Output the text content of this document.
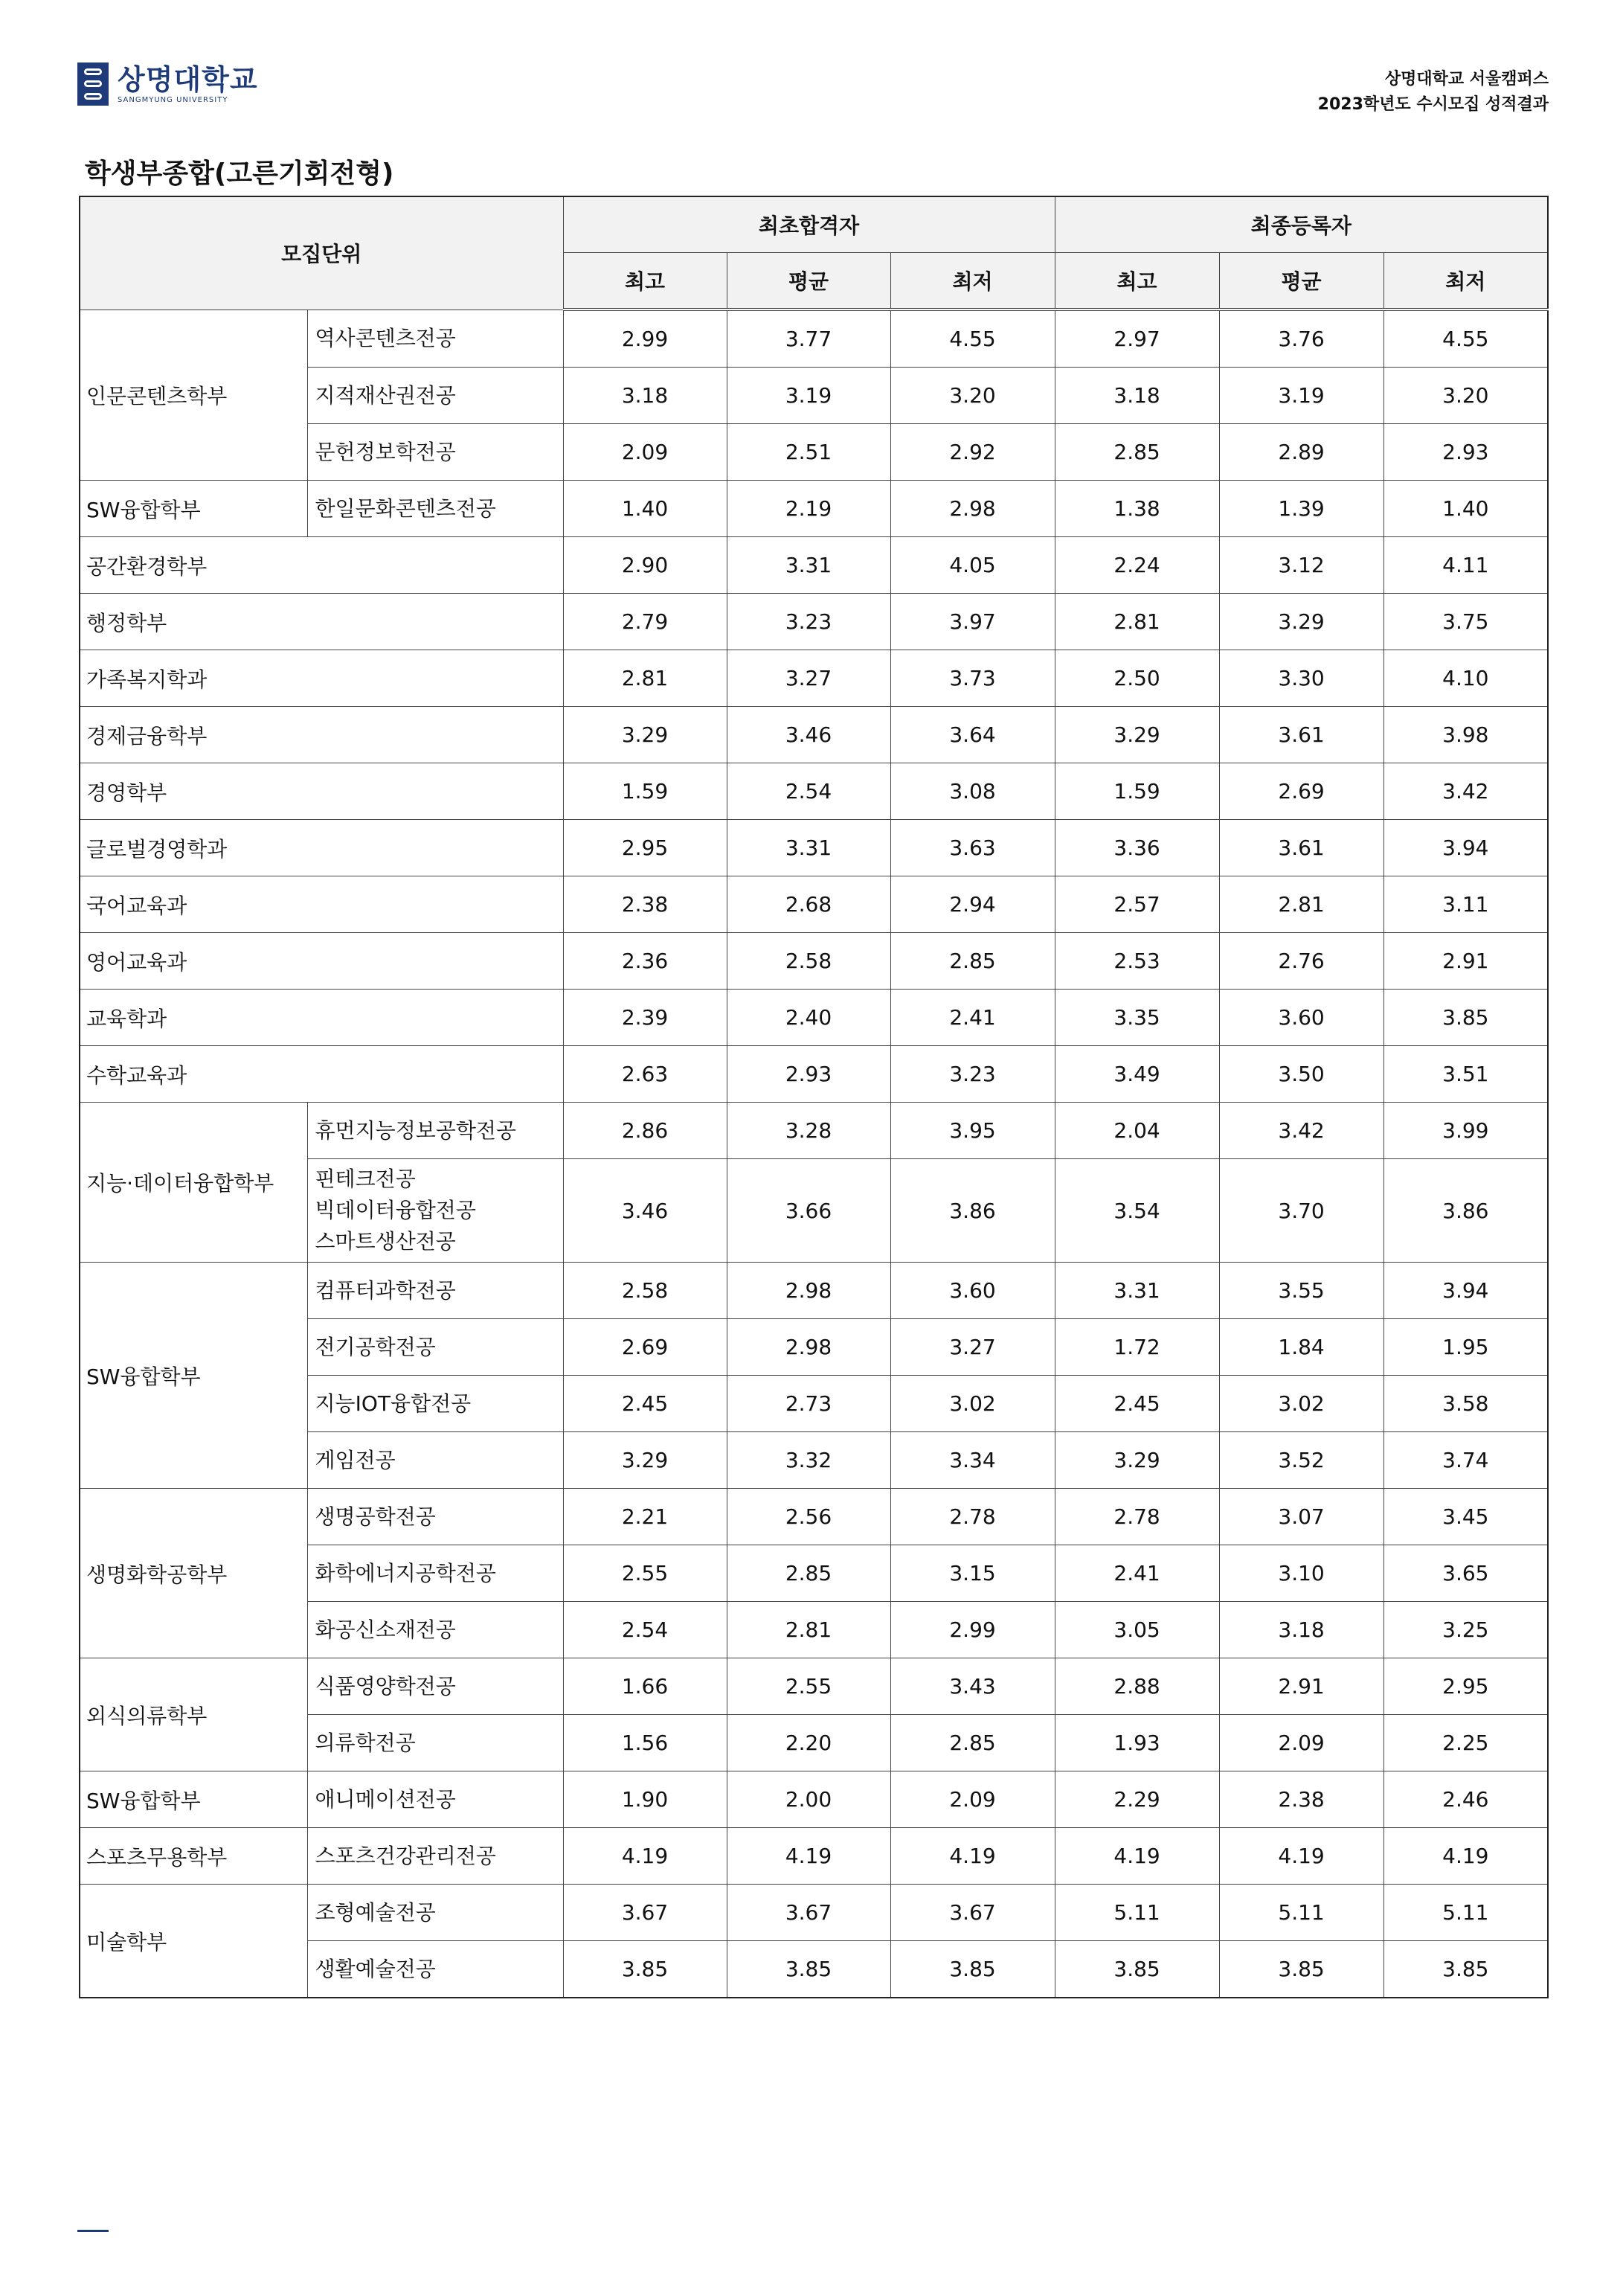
상명대학교
SANGMYUNG UNIVERSITY
상명대학교 서울캠퍼스
2023학년도 수시모집 성적결과
학생부종합(고른기회전형)
모집단위		최초합격자			최종등록자		
		최고	평균	최저	최고	평균	최저
인문콘텐츠학부	역사콘텐츠전공	2.99	3.77	4.55	2.97	3.76	4.55
	지적재산권전공	3.18	3.19	3.20	3.18	3.19	3.20
	문헌정보학전공	2.09	2.51	2.92	2.85	2.89	2.93
SW융합학부	한일문화콘텐츠전공	1.40	2.19	2.98	1.38	1.39	1.40
공간환경학부		2.90	3.31	4.05	2.24	3.12	4.11
행정학부		2.79	3.23	3.97	2.81	3.29	3.75
가족복지학과		2.81	3.27	3.73	2.50	3.30	4.10
경제금융학부		3.29	3.46	3.64	3.29	3.61	3.98
경영학부		1.59	2.54	3.08	1.59	2.69	3.42
글로벌경영학과		2.95	3.31	3.63	3.36	3.61	3.94
국어교육과		2.38	2.68	2.94	2.57	2.81	3.11
영어교육과		2.36	2.58	2.85	2.53	2.76	2.91
교육학과		2.39	2.40	2.41	3.35	3.60	3.85
수학교육과		2.63	2.93	3.23	3.49	3.50	3.51
지능·데이터융합학부	휴먼지능정보공학전공	2.86	3.28	3.95	2.04	3.42	3.99
	핀테크전공
빅데이터융합전공
스마트생산전공	3.46	3.66	3.86	3.54	3.70	3.86
SW융합학부	컴퓨터과학전공	2.58	2.98	3.60	3.31	3.55	3.94
	전기공학전공	2.69	2.98	3.27	1.72	1.84	1.95
	지능IOT융합전공	2.45	2.73	3.02	2.45	3.02	3.58
	게임전공	3.29	3.32	3.34	3.29	3.52	3.74
생명화학공학부	생명공학전공	2.21	2.56	2.78	2.78	3.07	3.45
	화학에너지공학전공	2.55	2.85	3.15	2.41	3.10	3.65
	화공신소재전공	2.54	2.81	2.99	3.05	3.18	3.25
외식의류학부	식품영양학전공	1.66	2.55	3.43	2.88	2.91	2.95
	의류학전공	1.56	2.20	2.85	1.93	2.09	2.25
SW융합학부	애니메이션전공	1.90	2.00	2.09	2.29	2.38	2.46
스포츠무용학부	스포츠건강관리전공	4.19	4.19	4.19	4.19	4.19	4.19
미술학부	조형예술전공	3.67	3.67	3.67	5.11	5.11	5.11
	생활예술전공	3.85	3.85	3.85	3.85	3.85	3.85
